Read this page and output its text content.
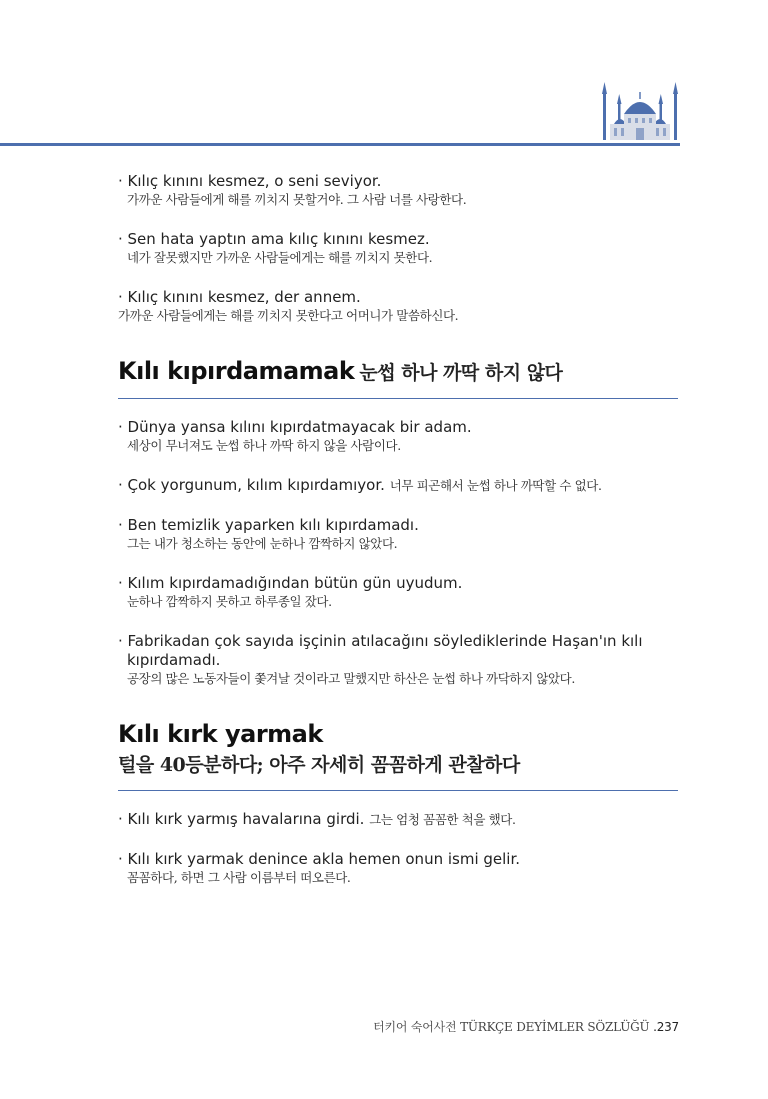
· Kılıç kınını kesmez, o seni seviyor.
가까운 사람들에게 해를 끼치지 못할거야. 그 사람 너를 사랑한다.
· Sen hata yaptın ama kılıç kınını kesmez.
네가 잘못했지만 가까운 사람들에게는 해를 끼치지 못한다.
· Kılıç kınını kesmez, der annem.
가까운 사람들에게는 해를 끼치지 못한다고 어머니가 말씀하신다.
Kılı kıpırdamamak 눈썹 하나 까딱 하지 않다
· Dünya yansa kılını kıpırdatmayacak bir adam.
세상이 무너져도 눈썹 하나 까딱 하지 않을 사람이다.
· Çok yorgunum, kılım kıpırdamıyor. 너무 피곤해서 눈썹 하나 까딱할 수 없다.
· Ben temizlik yaparken kılı kıpırdamadı.
그는 내가 청소하는 동안에 눈하나 깜짝하지 않았다.
· Kılım kıpırdamadığından bütün gün uyudum.
눈하나 깜짝하지 못하고 하루종일 잤다.
· Fabrikadan çok sayıda işçinin atılacağını söylediklerinde Haşan'ın kılı
kıpırdamadı.
공장의 많은 노동자들이 쫓겨날 것이라고 말했지만 하산은 눈썹 하나 까닥하지 않았다.
Kılı kırk yarmak
털을 40등분하다; 아주 자세히 꼼꼼하게 관찰하다
· Kılı kırk yarmış havalarına girdi. 그는 엄청 꼼꼼한 척을 했다.
· Kılı kırk yarmak denince akla hemen onun ismi gelir.
꼼꼼하다, 하면 그 사람 이름부터 떠오른다.
터키어 숙어사전 TÜRKÇE DEYİMLER SÖZLÜĞÜ .237
